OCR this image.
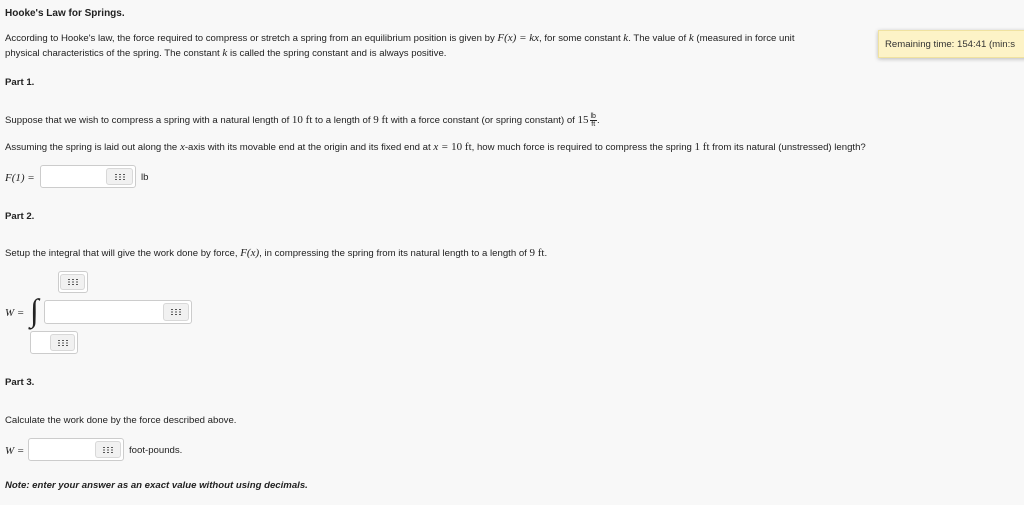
Hooke's Law for Springs.
Remaining time: 154:41 (min:s
According to Hooke's law, the force required to compress or stretch a spring from an equilibrium position is given by F(x) = kx, for some constant k. The value of k (measured in force unit
physical characteristics of the spring. The constant k is called the spring constant and is always positive.
Part 1.
Suppose that we wish to compress a spring with a natural length of 10 ft to a length of 9 ft with a force constant (or spring constant) of $15 \frac{lb}{ft}$ .
Assuming the spring is laid out along the x-axis with its movable end at the origin and its fixed end at x = 10 ft, how much force is required to compress the spring 1 ft from its natural (unstressed) length?
F(1) =	lb
Part 2.
Setup the integral that will give the work done by force, F(x), in compressing the spring from its natural length to a length of 9 ft.
W = ∫
Part 3.
Calculate the work done by the force described above.
W =	foot-pounds.
Note: enter your answer as an exact value without using decimals.
